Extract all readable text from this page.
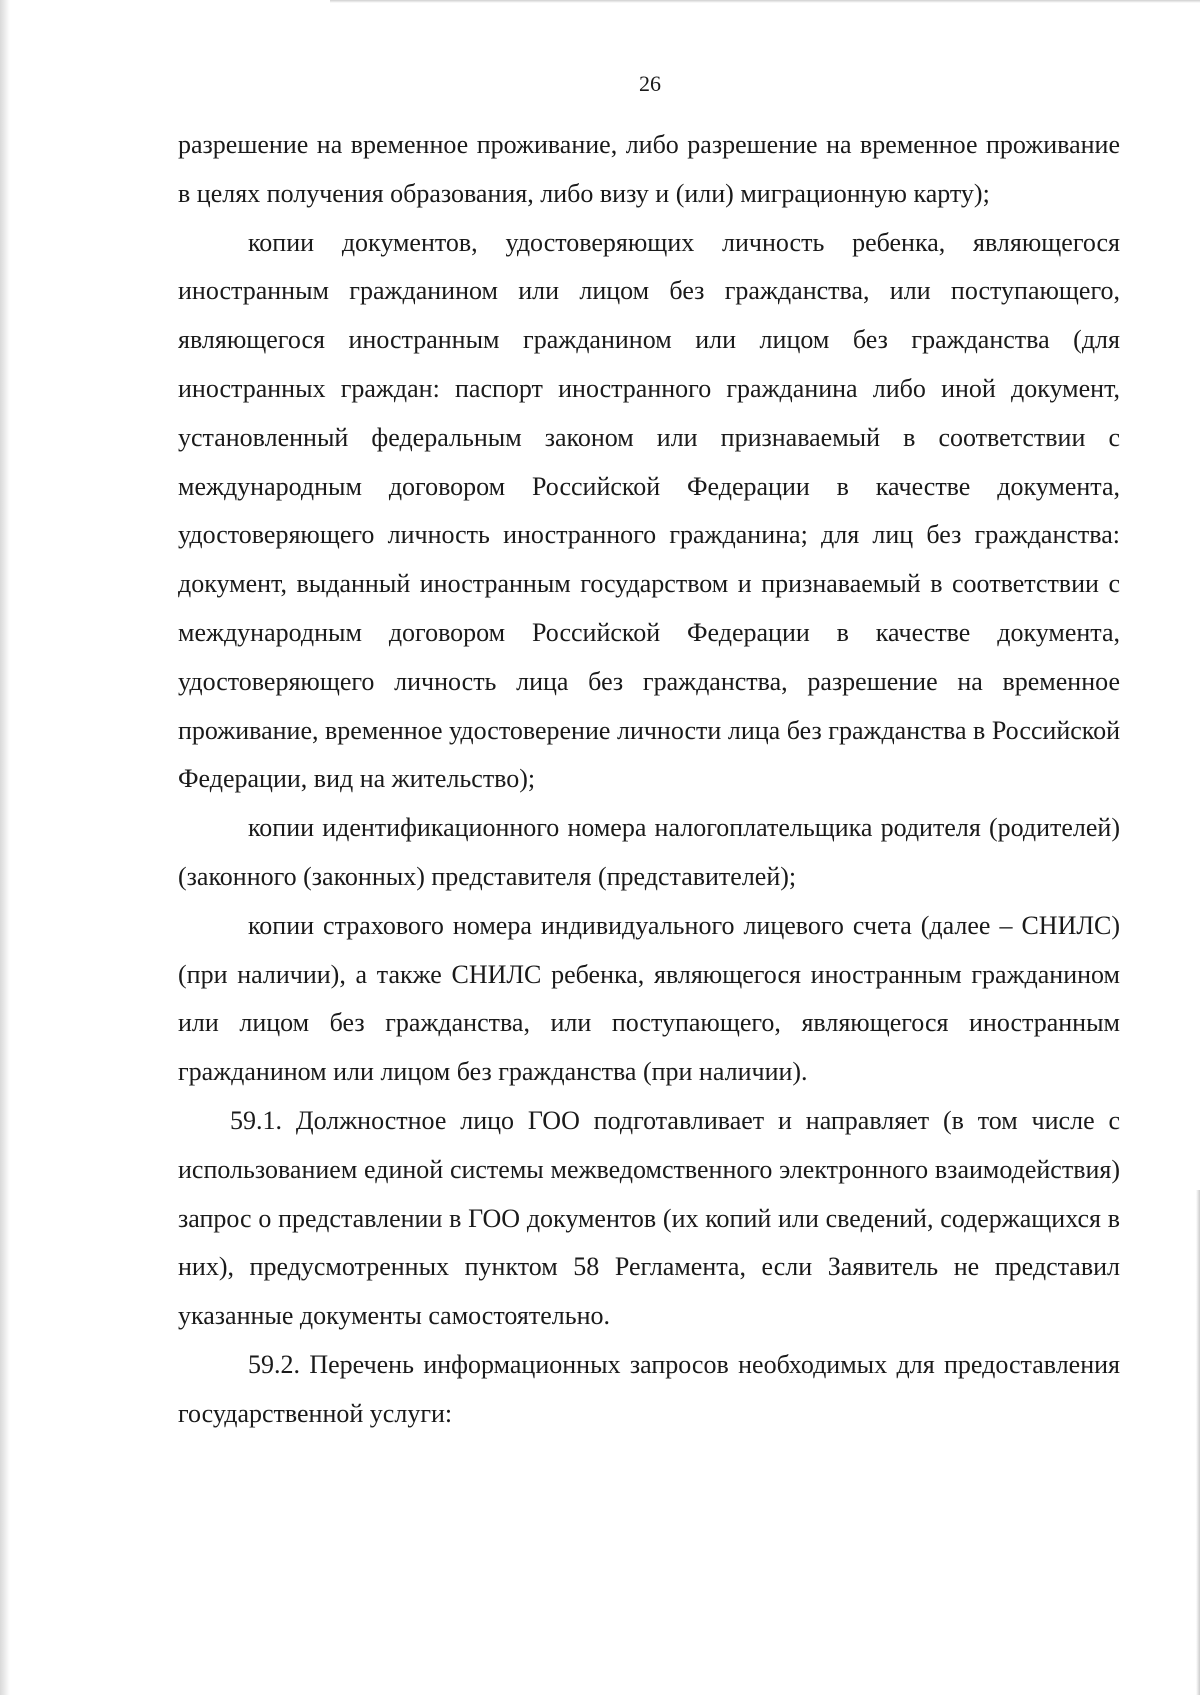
26

разрешение на временное проживание, либо разрешение на временное проживание в целях получения образования, либо визу и (или) миграционную карту);

копии документов, удостоверяющих личность ребенка, являющегося иностранным гражданином или лицом без гражданства, или поступающего, являющегося иностранным гражданином или лицом без гражданства (для иностранных граждан: паспорт иностранного гражданина либо иной документ, установленный федеральным законом или признаваемый в соответствии с международным договором Российской Федерации в качестве документа, удостоверяющего личность иностранного гражданина; для лиц без гражданства: документ, выданный иностранным государством и признаваемый в соответствии с международным договором Российской Федерации в качестве документа, удостоверяющего личность лица без гражданства, разрешение на временное проживание, временное удостоверение личности лица без гражданства в Российской Федерации, вид на жительство);

копии идентификационного номера налогоплательщика родителя (родителей) (законного (законных) представителя (представителей);

копии страхового номера индивидуального лицевого счета (далее – СНИЛС) (при наличии), а также СНИЛС ребенка, являющегося иностранным гражданином или лицом без гражданства, или поступающего, являющегося иностранным гражданином или лицом без гражданства (при наличии).

59.1. Должностное лицо ГОО подготавливает и направляет (в том числе с использованием единой системы межведомственного электронного взаимодействия) запрос о представлении в ГОО документов (их копий или сведений, содержащихся в них), предусмотренных пунктом 58 Регламента, если Заявитель не представил указанные документы самостоятельно.

59.2. Перечень информационных запросов необходимых для предоставления государственной услуги:
